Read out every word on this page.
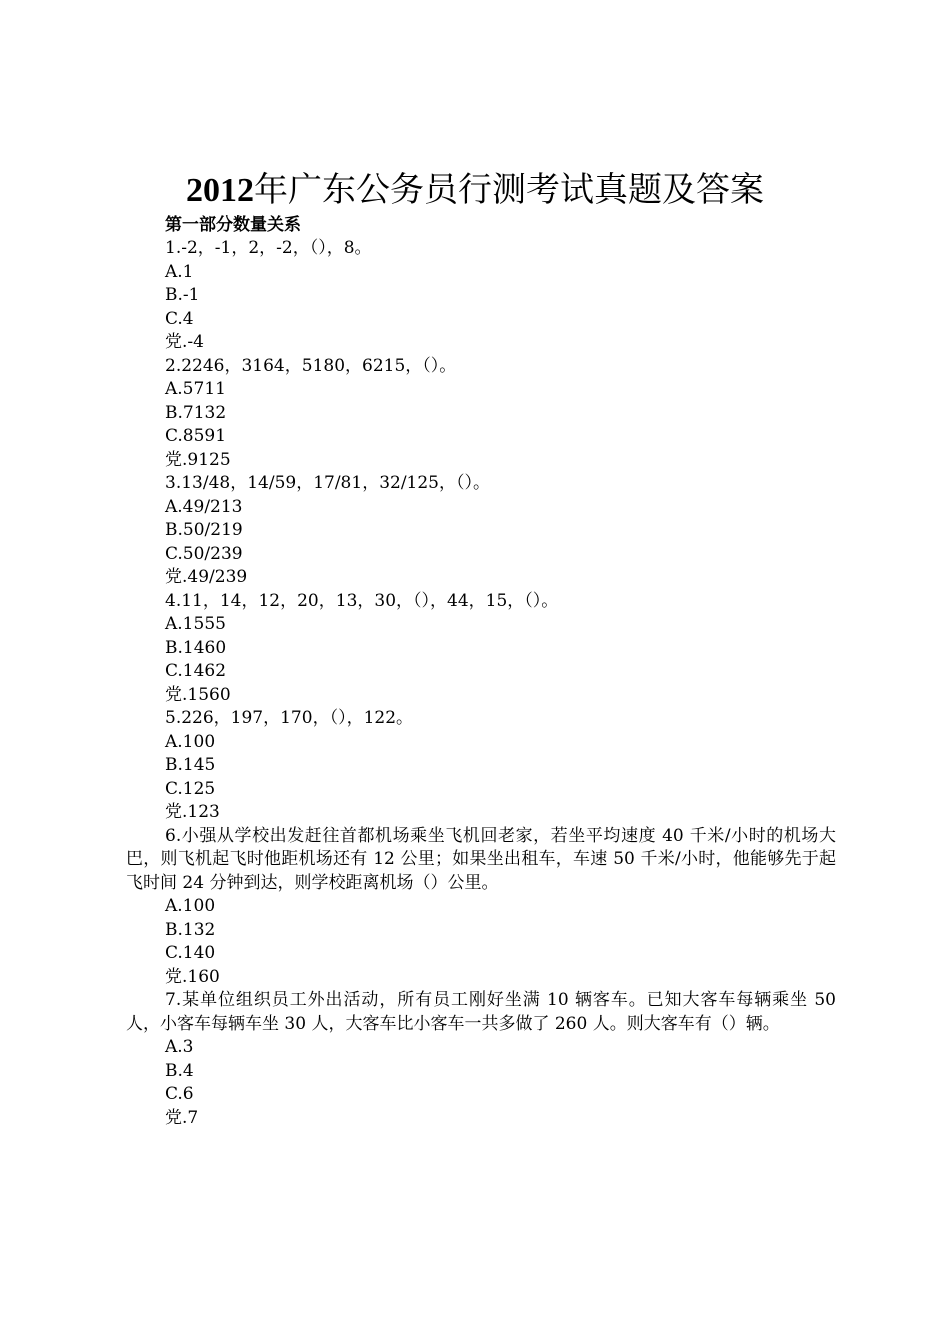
2012年广东公务员行测考试真题及答案
第一部分数量关系
1.-2，-1，2，-2，（），8。
A.1
B.-1
C.4
党.-4
2.2246，3164，5180，6215，（）。
A.5711
B.7132
C.8591
党.9125
3.13/48，14/59，17/81，32/125，（）。
A.49/213
B.50/219
C.50/239
党.49/239
4.11，14，12，20，13，30，（），44，15，（）。
A.1555
B.1460
C.1462
党.1560
5.226，197，170，（），122。
A.100
B.145
C.125
党.123
6.小强从学校出发赶往首都机场乘坐飞机回老家，若坐平均速度 40 千米/小时的机场大巴，则飞机起飞时他距机场还有 12 公里；如果坐出租车，车速 50 千米/小时，他能够先于起飞时间 24 分钟到达，则学校距离机场（）公里。
A.100
B.132
C.140
党.160
7.某单位组织员工外出活动，所有员工刚好坐满 10 辆客车。已知大客车每辆乘坐 50 人，小客车每辆车坐 30 人，大客车比小客车一共多做了 260 人。则大客车有（）辆。
A.3
B.4
C.6
党.7
